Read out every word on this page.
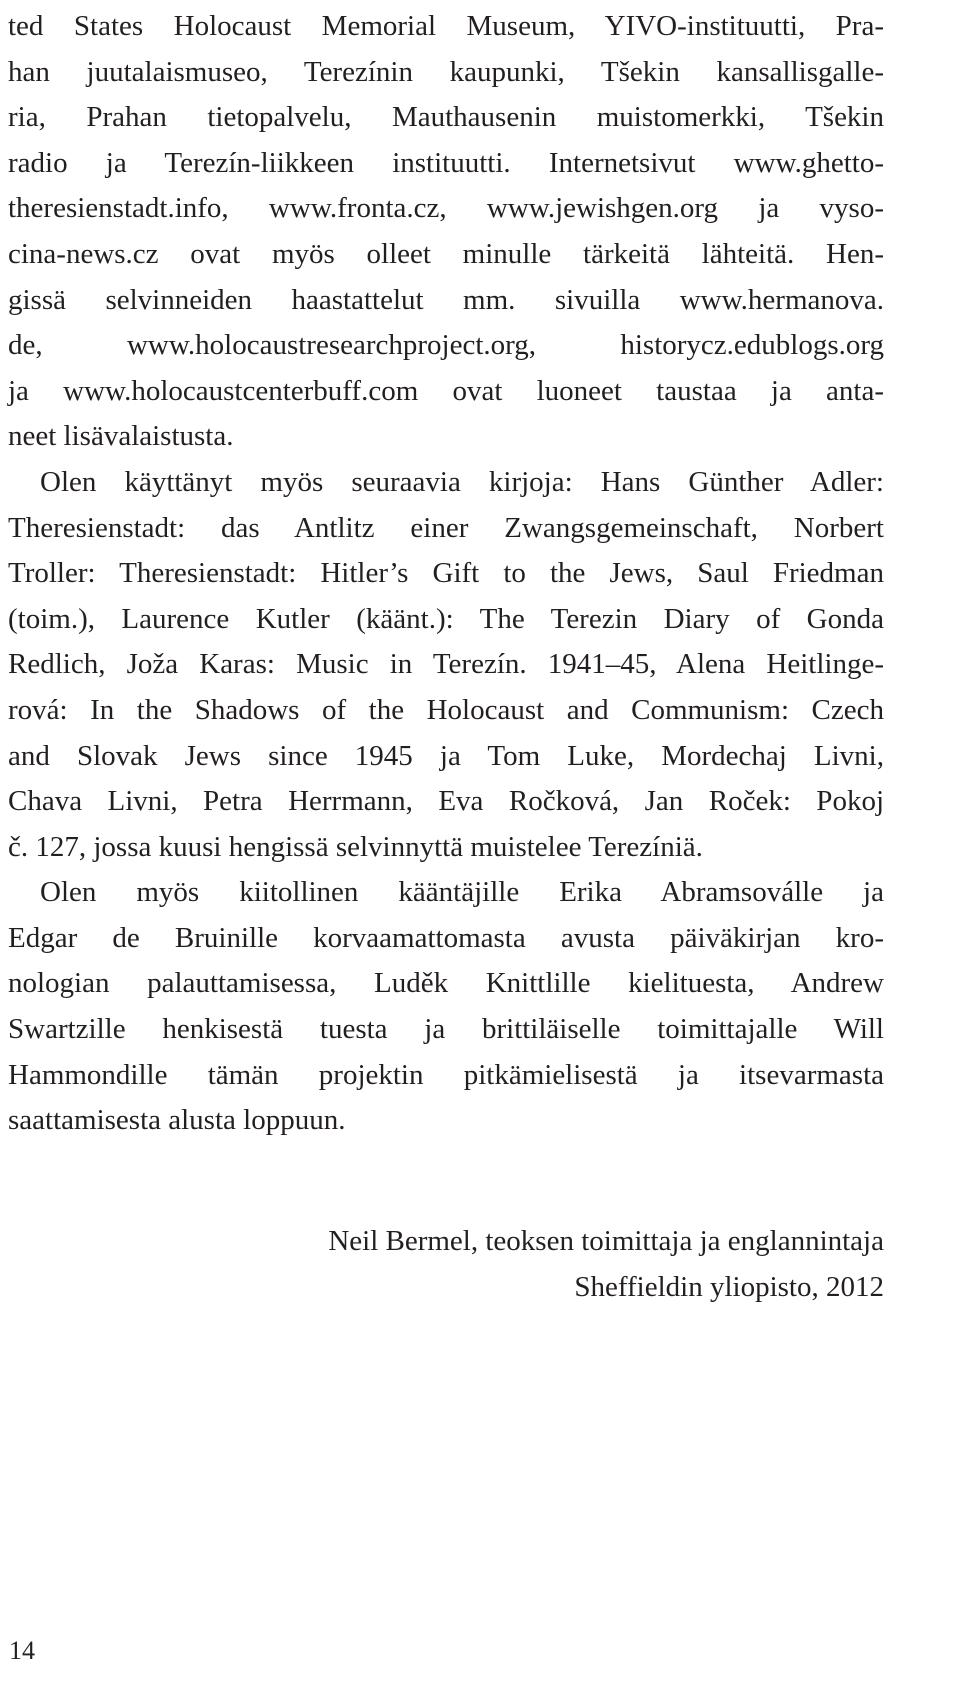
ted States Holocaust Memorial Museum, YIVO-instituutti, Pra-
han juutalaismuseo, Terezínin kaupunki, Tšekin kansallisgalle-
ria, Prahan tietopalvelu, Mauthausenin muistomerkki, Tšekin
radio ja Terezín-liikkeen instituutti. Internetsivut www.ghetto-
theresienstadt.info, www.fronta.cz, www.jewishgen.org ja vyso-
cina-news.cz ovat myös olleet minulle tärkeitä lähteitä. Hen-
gissä selvinneiden haastattelut mm. sivuilla www.hermanova.
de, www.holocaustresearchproject.org, historycz.edublogs.org
ja www.holocaustcenterbuff.com ovat luoneet taustaa ja anta-
neet lisävalaistusta.

Olen käyttänyt myös seuraavia kirjoja: Hans Günther Adler:
Theresienstadt: das Antlitz einer Zwangsgemeinschaft, Norbert
Troller: Theresienstadt: Hitler’s Gift to the Jews, Saul Friedman
(toim.), Laurence Kutler (käänt.): The Terezin Diary of Gonda
Redlich, Joža Karas: Music in Terezín. 1941–45, Alena Heitlinge-
rová: In the Shadows of the Holocaust and Communism: Czech
and Slovak Jews since 1945 ja Tom Luke, Mordechaj Livni,
Chava Livni, Petra Herrmann, Eva Ročková, Jan Roček: Pokoj
č. 127, jossa kuusi hengissä selvinnyttä muistelee Terezíniä.

Olen myös kiitollinen kääntäjille Erika Abramsoválle ja
Edgar de Bruinille korvaamattomasta avusta päiväkirjan kro-
nologian palauttamisessa, Luděk Knittlille kielituesta, Andrew
Swartzille henkisestä tuesta ja brittiläiselle toimittajalle Will
Hammondille tämän projektin pitkämielisestä ja itsevarmasta
saattamisesta alusta loppuun.

Neil Bermel, teoksen toimittaja ja englannintaja
Sheffieldin yliopisto, 2012
14
